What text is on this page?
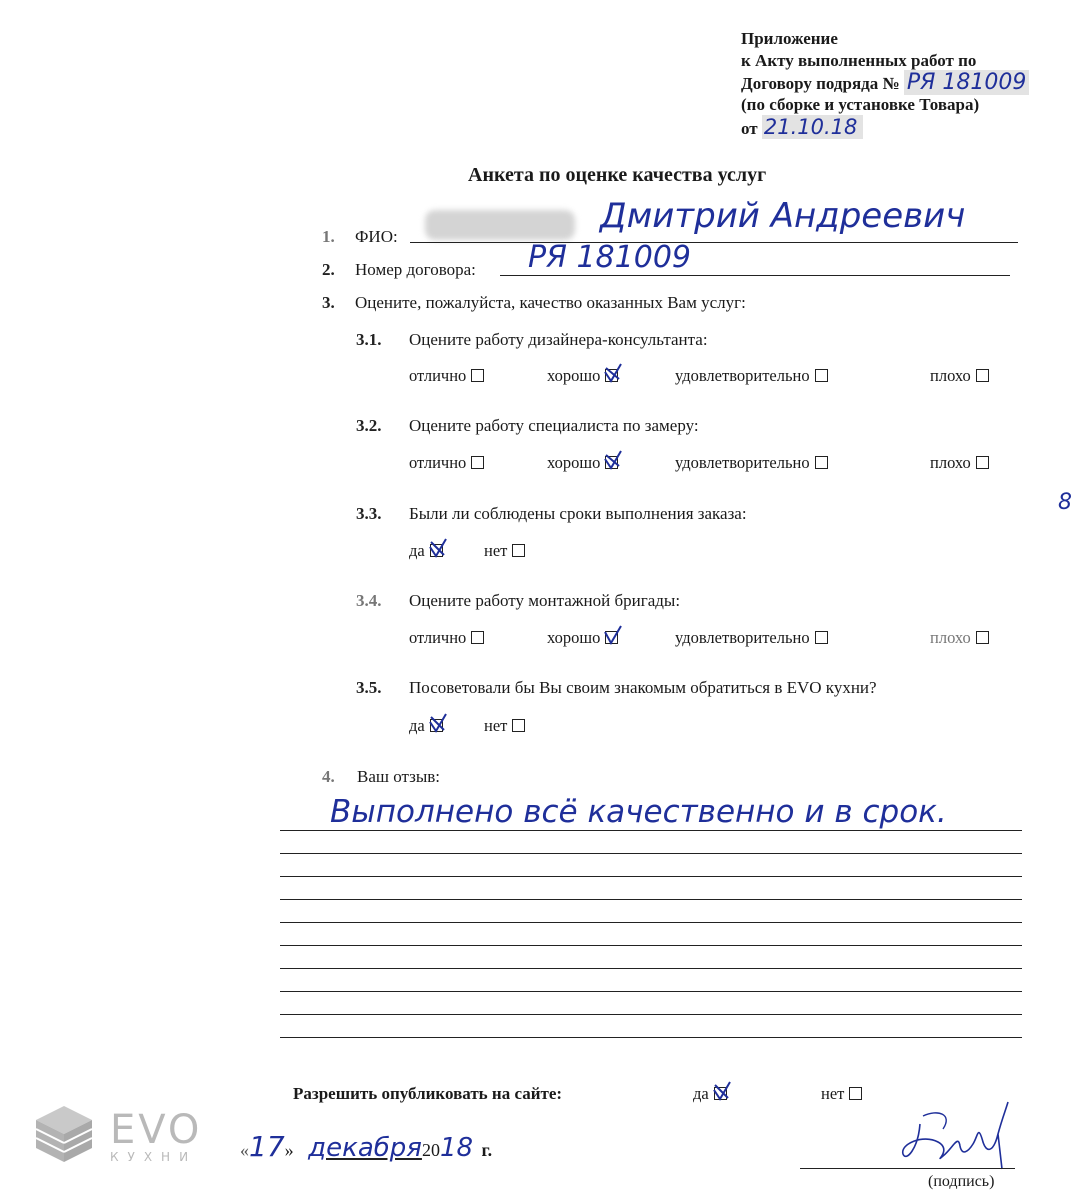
Приложение
к Акту выполненных работ по
Договору подряда № РЯ 181009
(по сборке и установке Товара)
от 21.10.18
Анкета по оценке качества услуг
1. ФИО:
Дмитрий Андреевич
2. Номер договора: РЯ 181009
3. Оцените, пожалуйста, качество оказанных Вам услуг:
3.1. Оцените работу дизайнера-консультанта:
отлично	хорошо	удовлетворительно	плохо
3.2. Оцените работу специалиста по замеру:
отлично	хорошо	удовлетворительно	плохо
3.3. Были ли соблюдены сроки выполнения заказа:
да	нет
8
3.4. Оцените работу монтажной бригады:
отлично	хорошо	удовлетворительно	плохо
3.5. Посоветовали бы Вы своим знакомым обратиться в EVO кухни?
да	нет
4. Ваш отзыв:
Выполнено всё качественно и в срок.
Разрешить опубликовать на сайте:	да	нет
«17» декабря2018 г.
(подпись)
EVO
КУХНИ
